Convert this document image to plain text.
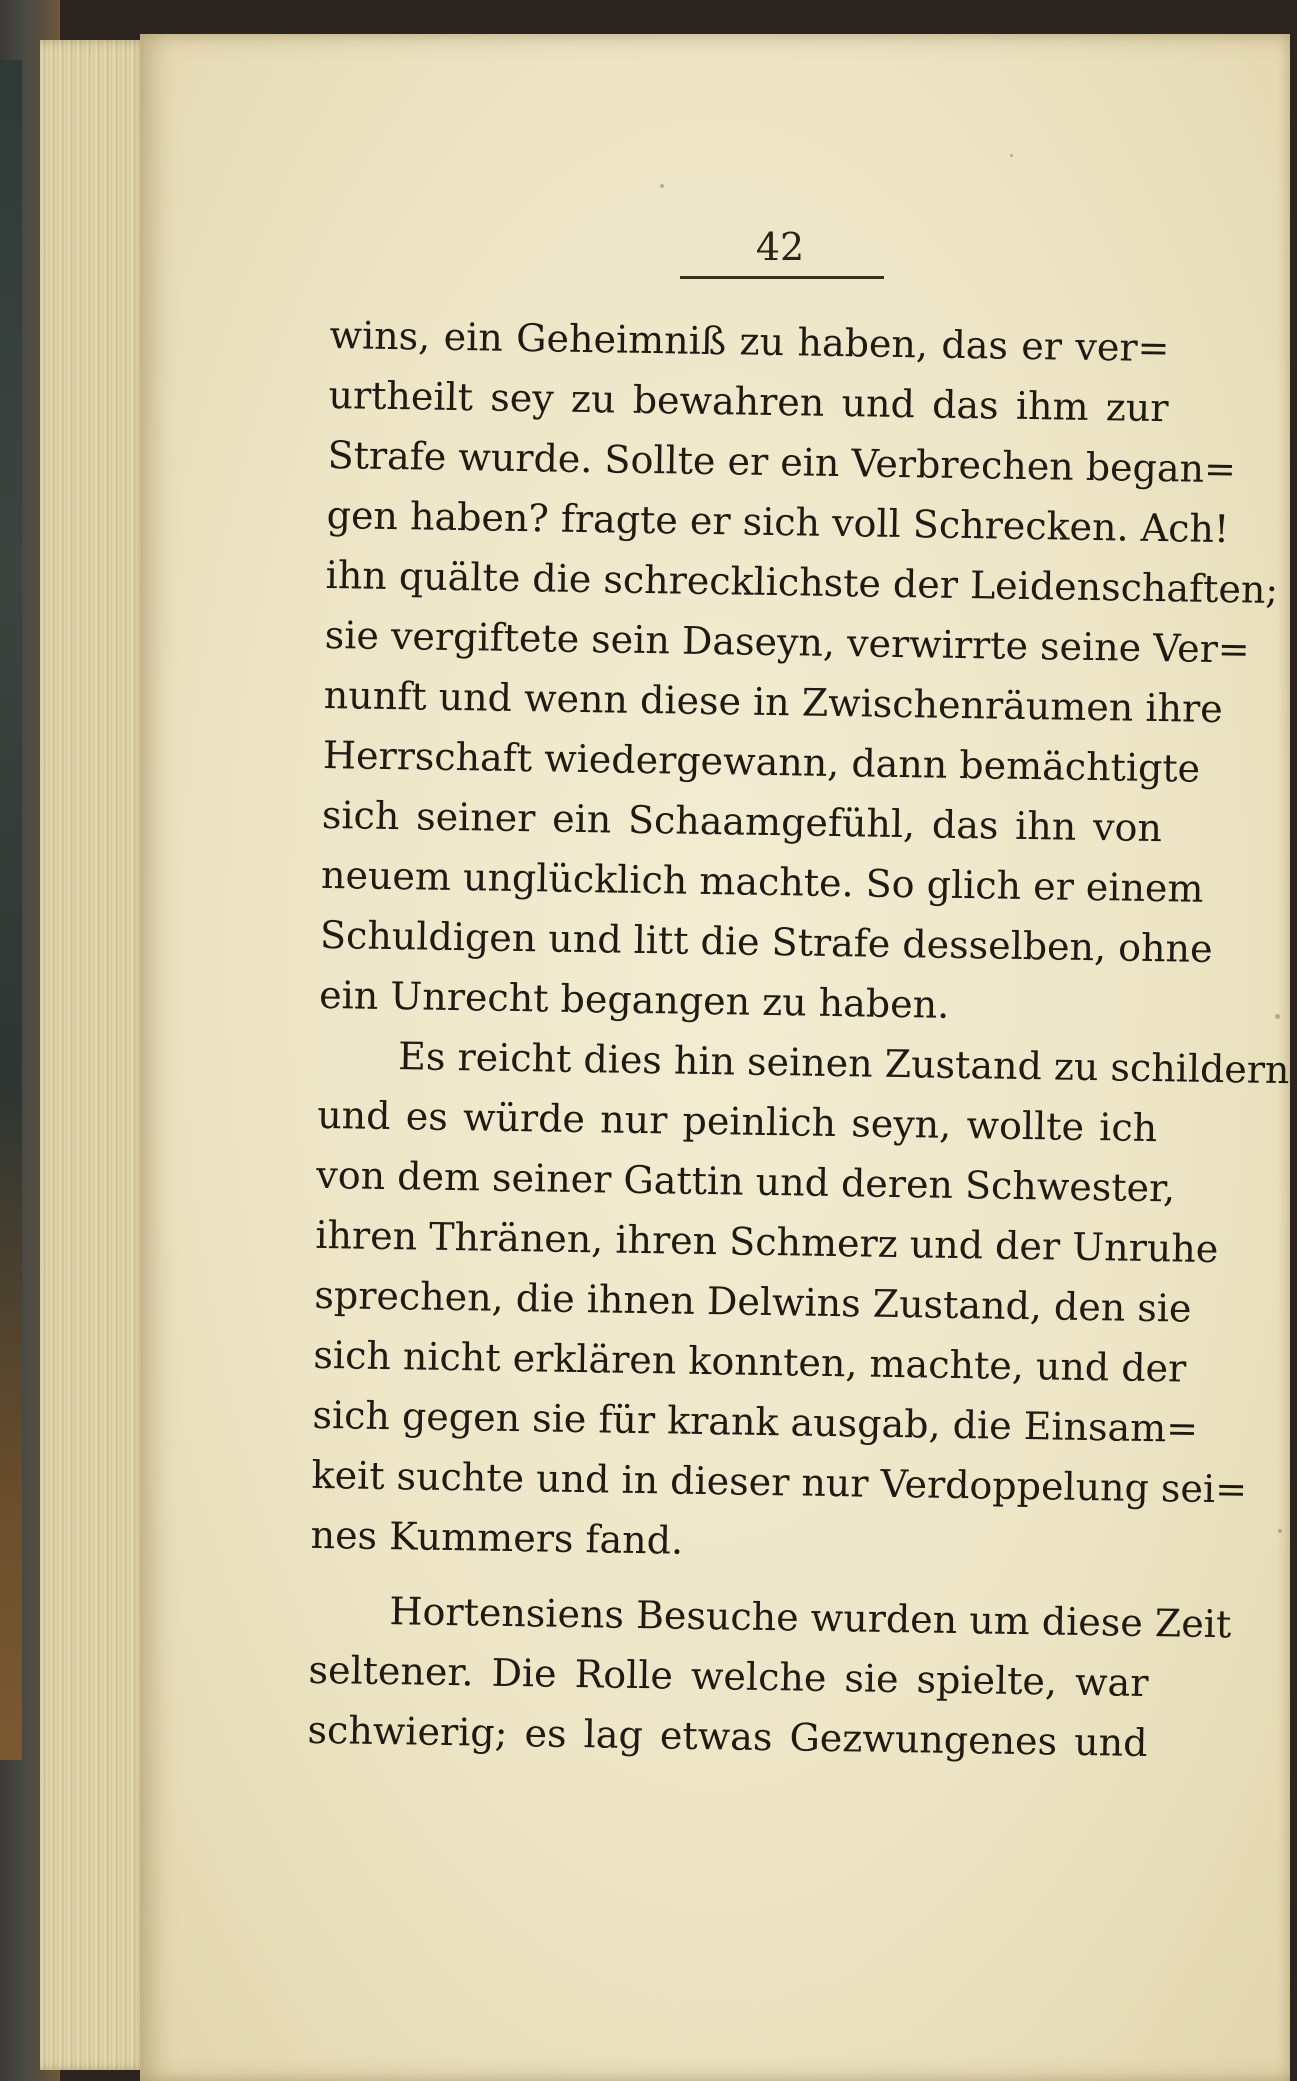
42
wins, ein Geheimniß zu haben, das er ver=
urtheilt sey zu bewahren und das ihm zur
Strafe wurde. Sollte er ein Verbrechen began=
gen haben? fragte er sich voll Schrecken. Ach!
ihn quälte die schrecklichste der Leidenschaften;
sie vergiftete sein Daseyn, verwirrte seine Ver=
nunft und wenn diese in Zwischenräumen ihre
Herrschaft wiedergewann, dann bemächtigte
sich seiner ein Schaamgefühl, das ihn von
neuem unglücklich machte. So glich er einem
Schuldigen und litt die Strafe desselben, ohne
ein Unrecht begangen zu haben.
Es reicht dies hin seinen Zustand zu schildern
und es würde nur peinlich seyn, wollte ich
von dem seiner Gattin und deren Schwester,
ihren Thränen, ihren Schmerz und der Unruhe
sprechen, die ihnen Delwins Zustand, den sie
sich nicht erklären konnten, machte, und der
sich gegen sie für krank ausgab, die Einsam=
keit suchte und in dieser nur Verdoppelung sei=
nes Kummers fand.
Hortensiens Besuche wurden um diese Zeit
seltener. Die Rolle welche sie spielte, war
schwierig; es lag etwas Gezwungenes und
